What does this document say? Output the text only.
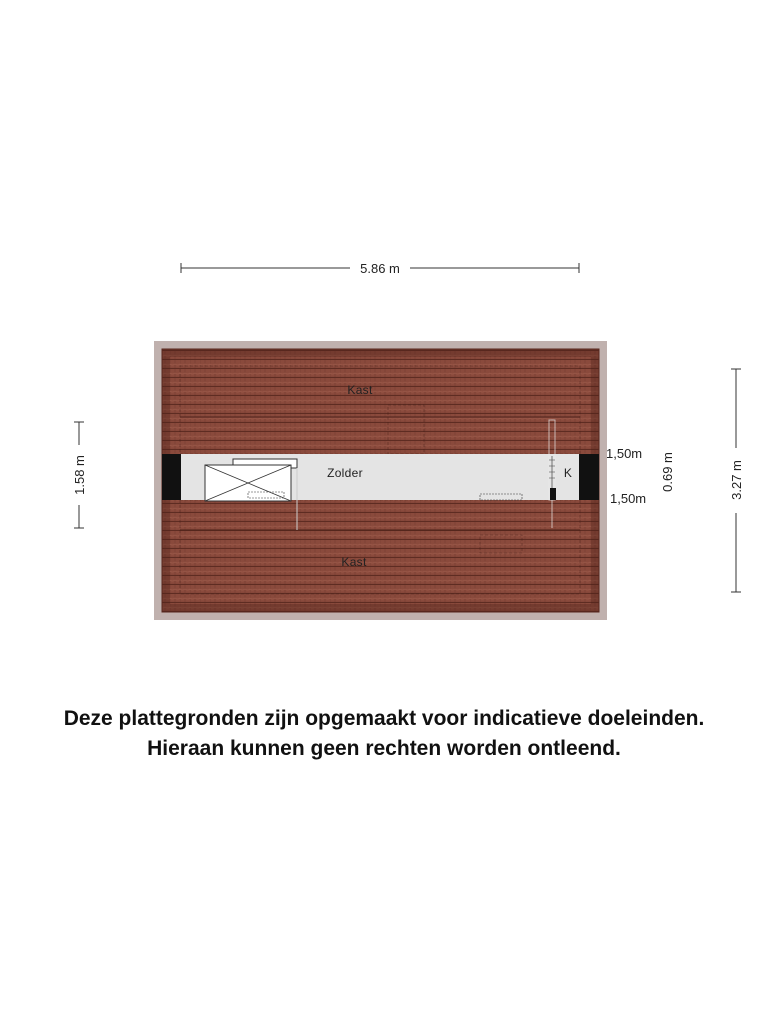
5.86 m
1.58 m	3.27 m
0.69 m
Kast
Zolder
Kast
K
1,50m
1,50m
Deze plattegronden zijn opgemaakt voor indicatieve doeleinden.
Hieraan kunnen geen rechten worden ontleend.
